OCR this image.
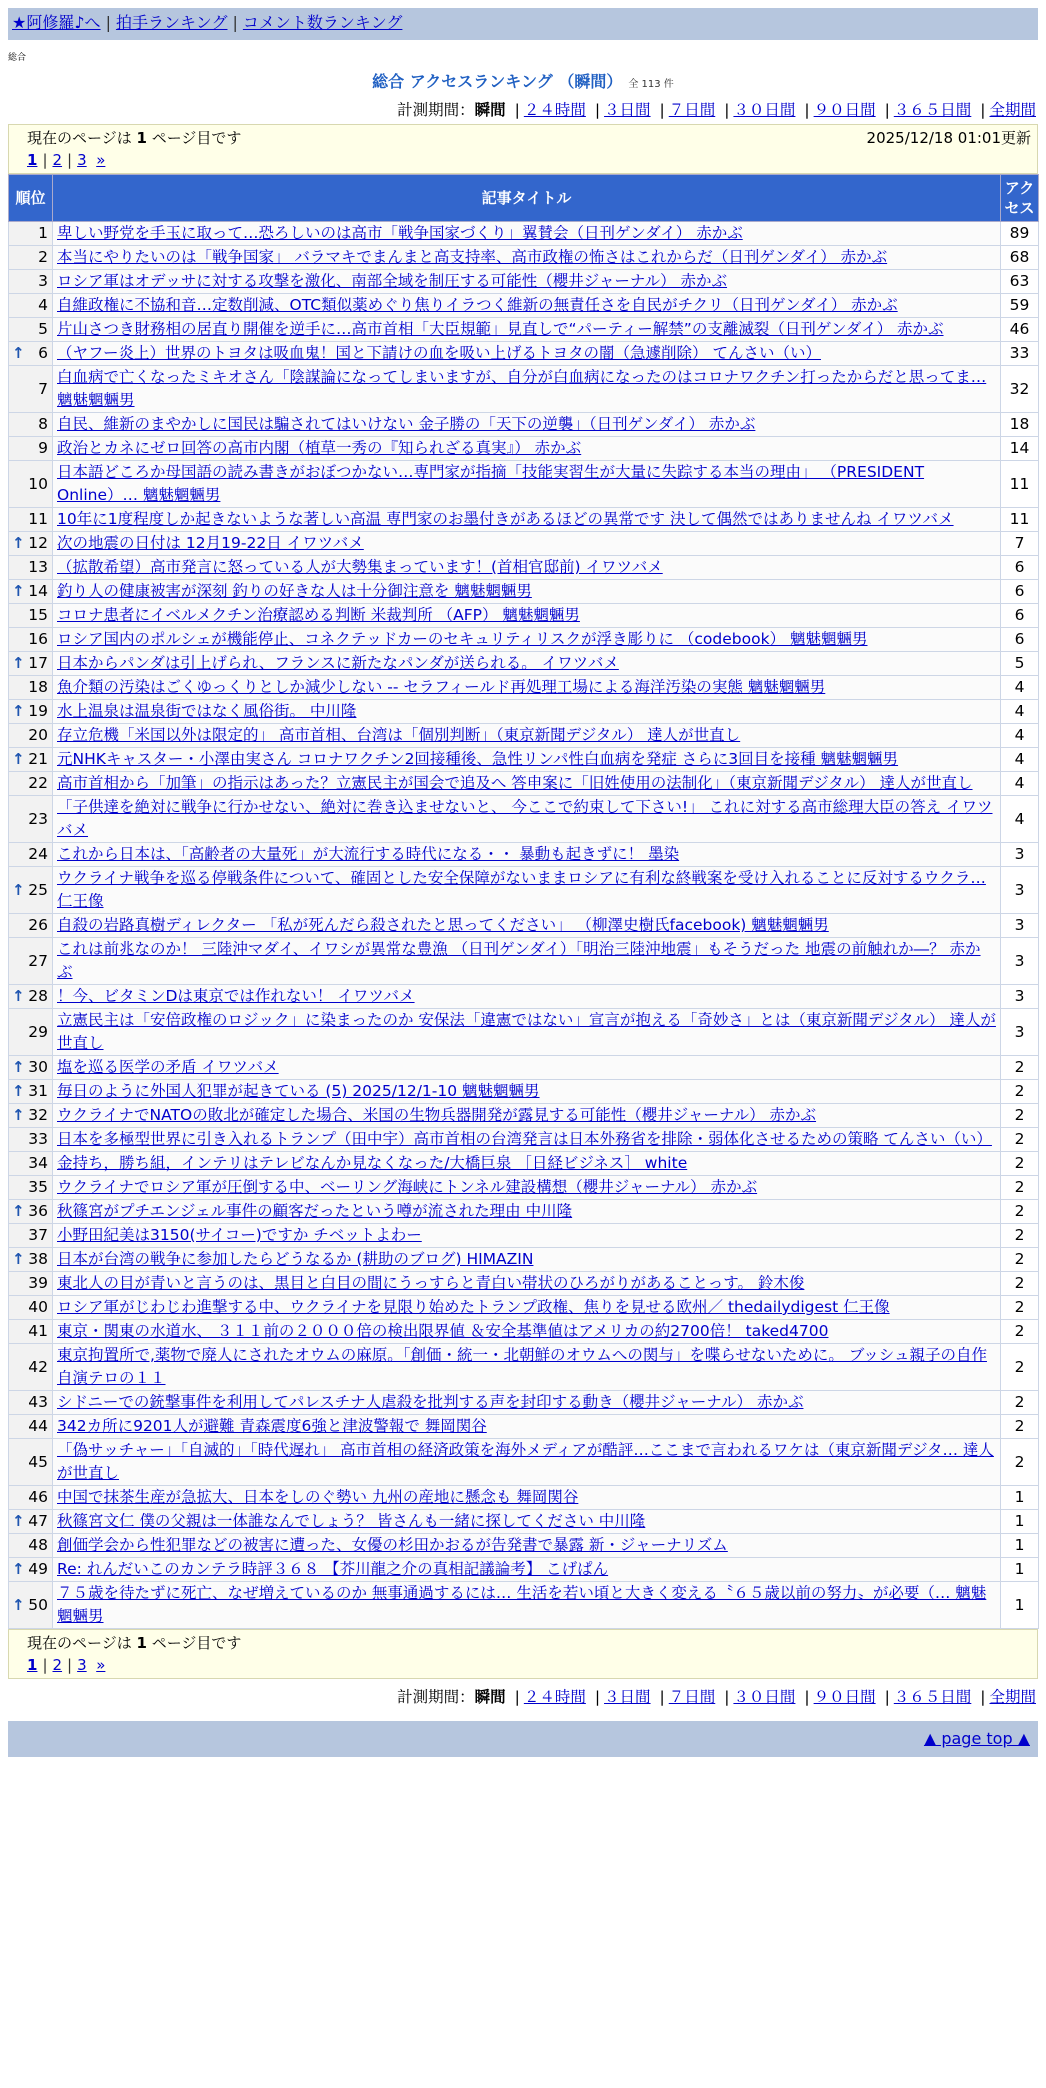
★阿修羅♪へ | 拍手ランキング | コメント数ランキング
総合
総合 アクセスランキング （瞬間） 全 113 件
計測期間：瞬間 | ２４時間 | ３日間 | ７日間 | ３０日間 | ９０日間 | ３６５日間 | 全期間
現在のページは 1 ページ目です	2025/12/18 01:01更新
1 | 2 | 3 »
順位	記事タイトル	アクセス
1	卑しい野党を手玉に取って…恐ろしいのは高市「戦争国家づくり」翼賛会（日刊ゲンダイ） 赤かぶ	89
2	本当にやりたいのは「戦争国家」 バラマキでまんまと高支持率、高市政権の怖さはこれからだ（日刊ゲンダイ） 赤かぶ	68
3	ロシア軍はオデッサに対する攻撃を激化、南部全域を制圧する可能性（櫻井ジャーナル） 赤かぶ	63
4	自維政権に不協和音…定数削減、OTC類似薬めぐり焦りイラつく維新の無責任さを自民がチクリ（日刊ゲンダイ） 赤かぶ	59
5	片山さつき財務相の居直り開催を逆手に…高市首相「大臣規範」見直しで“パーティー解禁”の支離滅裂（日刊ゲンダイ） 赤かぶ	46

↑ 6	（ヤフー炎上）世界のトヨタは吸血鬼！国と下請けの血を吸い上げるトヨタの闇（急遽削除） てんさい（い）	33
7	白血病で亡くなったミキオさん「陰謀論になってしまいますが、自分が白血病になったのはコロナワクチン打ったからだと思ってま… 魑魅魍魎男	32
8	自民、維新のまやかしに国民は騙されてはいけない 金子勝の「天下の逆襲」（日刊ゲンダイ） 赤かぶ	18
9	政治とカネにゼロ回答の高市内閣（植草一秀の『知られざる真実』） 赤かぶ	14
10	日本語どころか母国語の読み書きがおぼつかない…専門家が指摘「技能実習生が大量に失踪する本当の理由」 （PRESIDENT Online）… 魑魅魍魎男	11
11	10年に1度程度しか起きないような著しい高温 専門家のお墨付きがあるほどの異常です 決して偶然ではありませんね イワツバメ	11

↑ 12	次の地震の日付は 12月19-22日 イワツバメ	7
13	（拡散希望）高市発言に怒っている人が大勢集まっています！(首相官邸前) イワツバメ	6

↑ 14	釣り人の健康被害が深刻 釣りの好きな人は十分御注意を 魑魅魍魎男	6
15	コロナ患者にイベルメクチン治療認める判断 米裁判所 （AFP） 魑魅魍魎男	6
16	ロシア国内のポルシェが機能停止、コネクテッドカーのセキュリティリスクが浮き彫りに （codebook） 魑魅魍魎男	6

↑ 17	日本からパンダは引上げられ、フランスに新たなパンダが送られる。 イワツバメ	5
18	魚介類の汚染はごくゆっくりとしか減少しない -- セラフィールド再処理工場による海洋汚染の実態 魑魅魍魎男	4

↑ 19	水上温泉は温泉街ではなく風俗街。 中川隆	4
20	存立危機「米国以外は限定的」 高市首相、台湾は「個別判断」（東京新聞デジタル） 達人が世直し	4

↑ 21	元NHKキャスター・小澤由実さん コロナワクチン2回接種後、急性リンパ性白血病を発症 さらに3回目を接種 魑魅魍魎男	4
22	高市首相から「加筆」の指示はあった？立憲民主が国会で追及へ 答申案に「旧姓使用の法制化」（東京新聞デジタル） 達人が世直し	4
23	「子供達を絶対に戦争に行かせない、絶対に巻き込ませないと、 今ここで約束して下さい!」 これに対する高市総理大臣の答え イワツバメ	4
24	これから日本は、「高齢者の大量死」が大流行する時代になる・・ 暴動も起きずに！ 墨染	3

↑ 25	ウクライナ戦争を巡る停戦条件について、確固とした安全保障がないままロシアに有利な終戦案を受け入れることに反対するウクラ… 仁王像	3
26	自殺の岩路真樹ディレクター 「私が死んだら殺されたと思ってください」 （柳澤史樹氏facebook) 魑魅魍魎男	3
27	これは前兆なのか！ 三陸沖マダイ、イワシが異常な豊漁 （日刊ゲンダイ）「明治三陸沖地震」もそうだった 地震の前触れか―？ 赤かぶ	3

↑ 28	！今、ビタミンDは東京では作れない！ イワツバメ	3
29	立憲民主は「安倍政権のロジック」に染まったのか 安保法「違憲ではない」宣言が抱える「奇妙さ」とは（東京新聞デジタル） 達人が世直し	3

↑ 30	塩を巡る医学の矛盾 イワツバメ	2

↑ 31	毎日のように外国人犯罪が起きている (5) 2025/12/1-10 魑魅魍魎男	2

↑ 32	ウクライナでNATOの敗北が確定した場合、米国の生物兵器開発が露見する可能性（櫻井ジャーナル） 赤かぶ	2
33	日本を多極型世界に引き入れるトランプ（田中宇）高市首相の台湾発言は日本外務省を排除・弱体化させるための策略 てんさい（い）	2
34	金持ち，勝ち組，インテリはテレビなんか見なくなった/大橋巨泉 ［日経ビジネス］ white	2
35	ウクライナでロシア軍が圧倒する中、ベーリング海峡にトンネル建設構想（櫻井ジャーナル） 赤かぶ	2

↑ 36	秋篠宮がプチエンジェル事件の顧客だったという噂が流された理由 中川隆	2
37	小野田紀美は3150(サイコー)ですか チベットよわー	2

↑ 38	日本が台湾の戦争に参加したらどうなるか (耕助のブログ) HIMAZIN	2
39	東北人の目が青いと言うのは、黒目と白目の間にうっすらと青白い帯状のひろがりがあることっす。 鈴木俊	2
40	ロシア軍がじわじわ進撃する中、ウクライナを見限り始めたトランプ政権、焦りを見せる欧州／ thedailydigest 仁王像	2
41	東京・関東の水道水、 ３１１前の２０００倍の検出限界値 ＆安全基準値はアメリカの約2700倍！ taked4700	2
42	東京拘置所で,薬物で廃人にされたオウムの麻原。「創価・統一・北朝鮮のオウムへの関与」を喋らせないために。 ブッシュ親子の自作自演テロの１１	2
43	シドニーでの銃撃事件を利用してパレスチナ人虐殺を批判する声を封印する動き（櫻井ジャーナル） 赤かぶ	2
44	342カ所に9201人が避難 青森震度6強と津波警報で 舞岡関谷	2
45	「偽サッチャー」「自滅的」「時代遅れ」 高市首相の経済政策を海外メディアが酷評…ここまで言われるワケは（東京新聞デジタ… 達人が世直し	2
46	中国で抹茶生産が急拡大、日本をしのぐ勢い 九州の産地に懸念も 舞岡関谷	1

↑ 47	秋篠宮文仁 僕の父親は一体誰なんでしょう？ 皆さんも一緒に探してください 中川隆	1
48	創価学会から性犯罪などの被害に遭った、女優の杉田かおるが告発書で暴露 新・ジャーナリズム	1

↑ 49	Re: れんだいこのカンテラ時評３６８ 【芥川龍之介の真相記議論考】 こげぱん	1

↑ 50	７５歳を待たずに死亡、なぜ増えているのか 無事通過するには… 生活を若い頃と大きく変える〝６５歳以前の努力〟が必要（… 魑魅魍魎男	1
現在のページは 1 ページ目です
1 | 2 | 3 »
計測期間：瞬間 | ２４時間 | ３日間 | ７日間 | ３０日間 | ９０日間 | ３６５日間 | 全期間
▲ page top ▲
